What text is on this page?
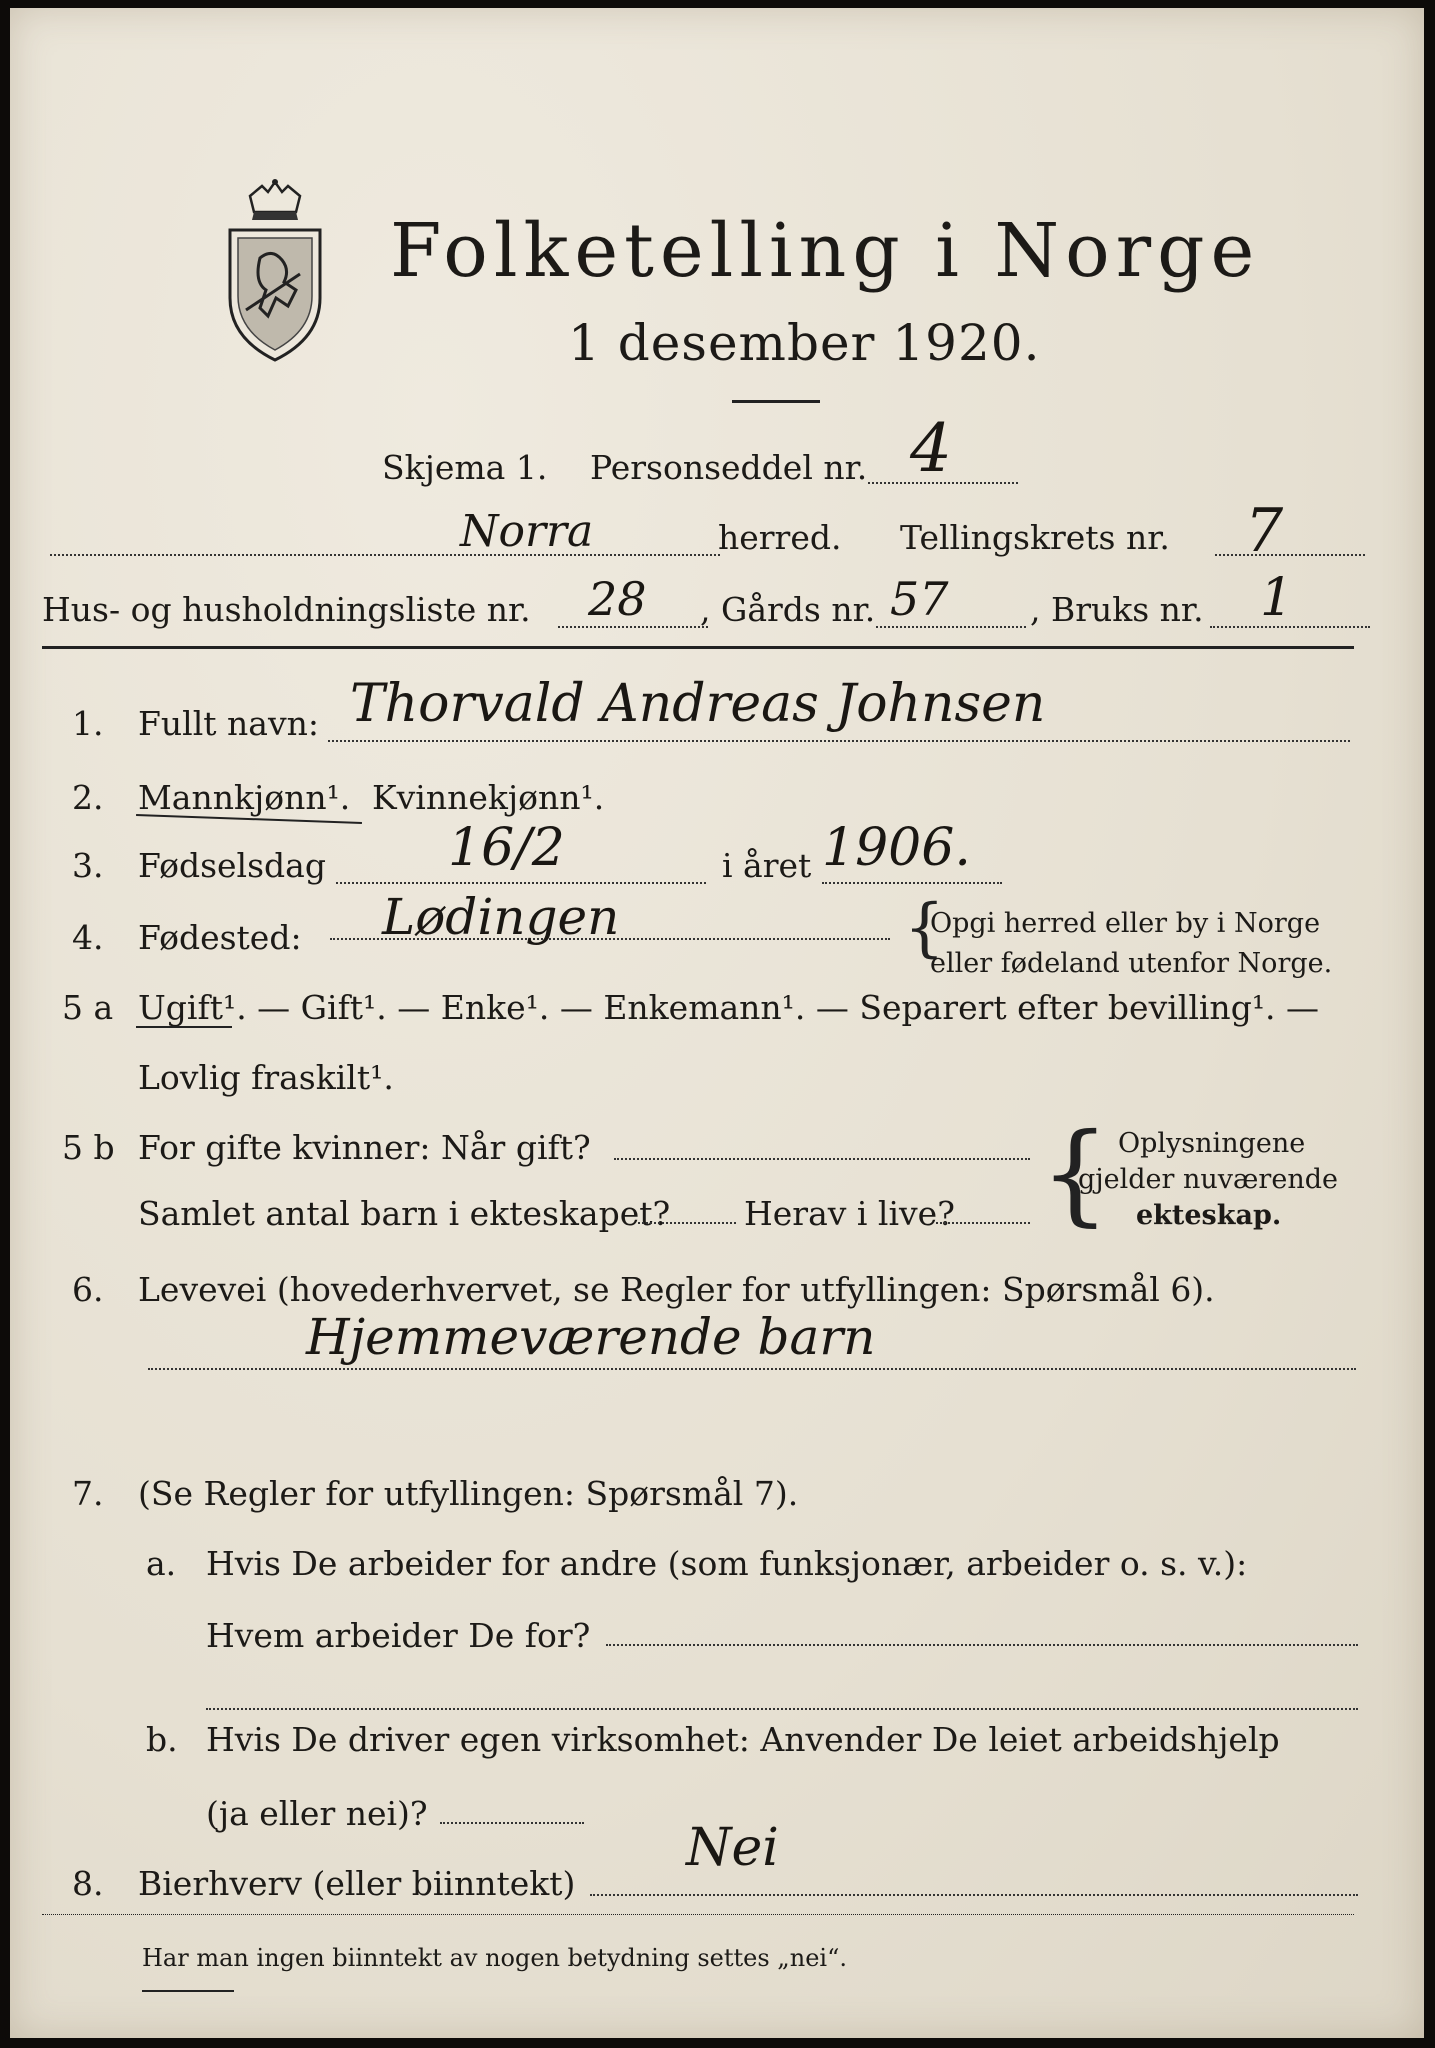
Folketelling i Norge
1 desember 1920.
Skjema 1. Personseddel nr. 4
Norra	herred. Tellingskrets nr. 7
Hus- og husholdningsliste nr. 28 , Gårds nr. 57 , Bruks nr. 1
1. Fullt navn: Thorvald Andreas Johnsen
2. Mannkjønn¹. Kvinnekjønn¹.
3. Fødselsdag 16/2	i året 1906.
4. Fødested: Lødingen	{
Opgi herred eller by i Norge
eller fødeland utenfor Norge.
5 a Ugift¹. — Gift¹. — Enke¹. — Enkemann¹. — Separert efter bevilling¹. —
Lovlig fraskilt¹.
5 b For gifte kvinner: Når gift?
Samlet antal barn i ekteskapet? Herav i live? { Oplysningene
gjelder nuværende
ekteskap.
6. Levevei (hovederhvervet, se Regler for utfyllingen: Spørsmål 6).
Hjemmeværende barn
7. (Se Regler for utfyllingen: Spørsmål 7).
a. Hvis De arbeider for andre (som funksjonær, arbeider o. s. v.):
Hvem arbeider De for?
b. Hvis De driver egen virksomhet: Anvender De leiet arbeidshjelp
(ja eller nei)?
8. Bierhverv (eller biinntekt)
Nei
Har man ingen biinntekt av nogen betydning settes „nei“.
